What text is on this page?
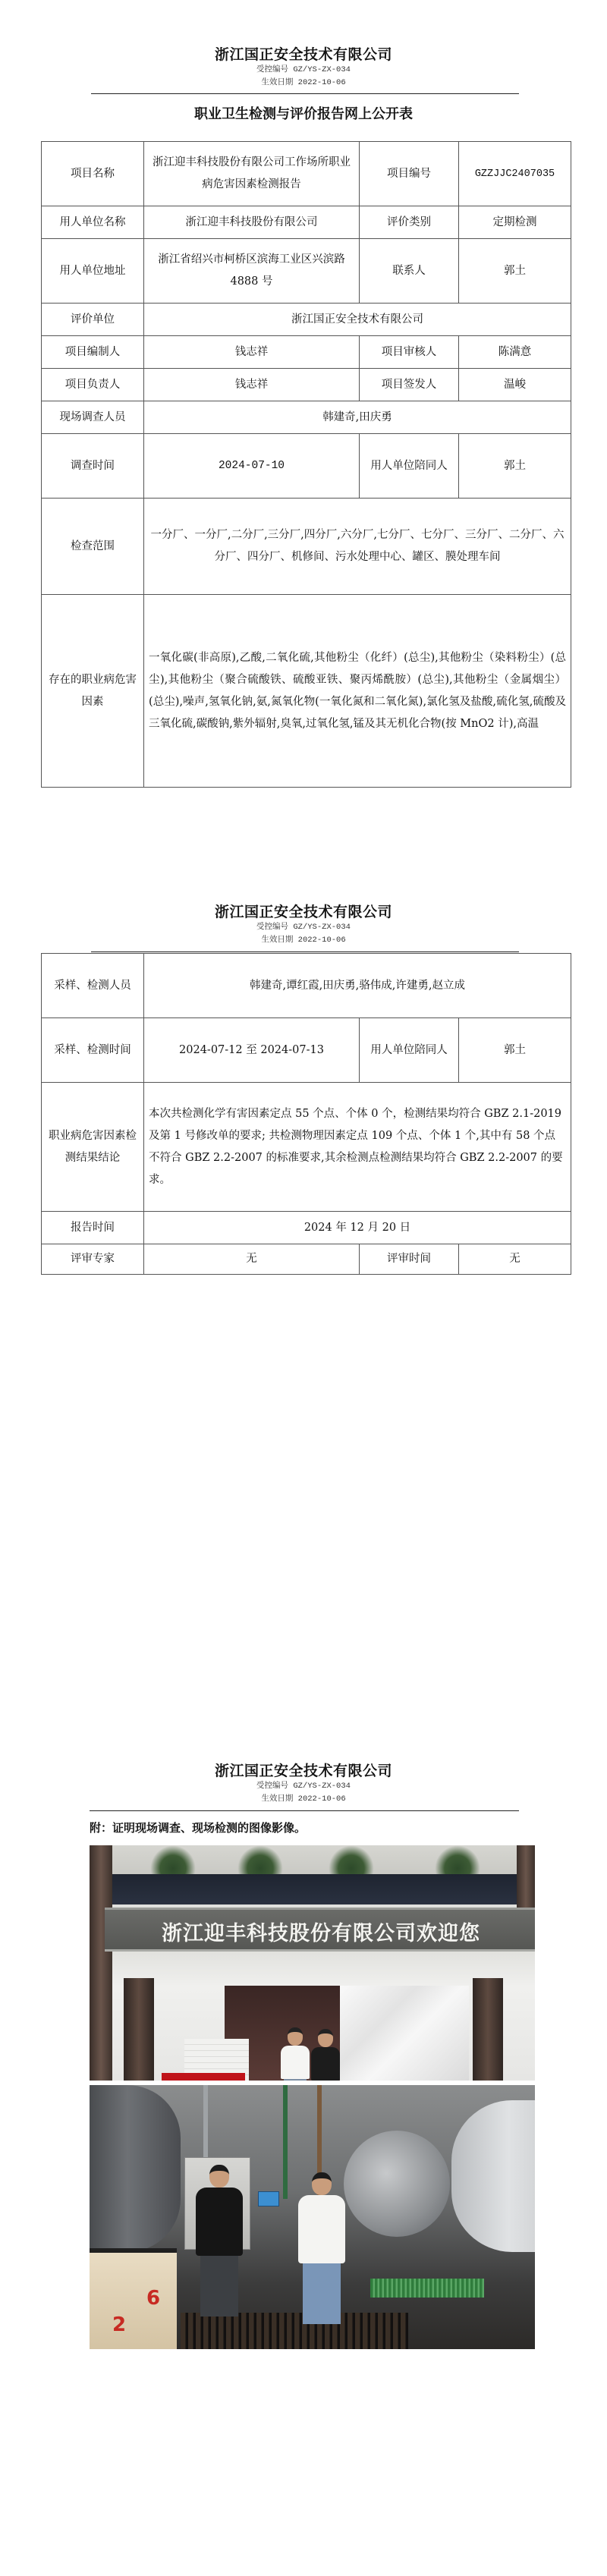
浙江国正安全技术有限公司
受控编号 GZ/YS-ZX-034
生效日期 2022-10-06
职业卫生检测与评价报告网上公开表
项目名称	浙江迎丰科技股份有限公司工作场所职业病危害因素检测报告	项目编号	GZZJJC2407035
用人单位名称	浙江迎丰科技股份有限公司	评价类别	定期检测
用人单位地址	浙江省绍兴市柯桥区滨海工业区兴滨路 4888 号	联系人	郭土
评价单位	浙江国正安全技术有限公司		
项目编制人	钱志祥	项目审核人	陈满意
项目负责人	钱志祥	项目签发人	温峻
现场调查人员	韩建奇,田庆勇		
调查时间	2024-07-10	用人单位陪同人	郭土
检查范围	一分厂、一分厂,二分厂,三分厂,四分厂,六分厂,七分厂、七分厂、三分厂、二分厂、六分厂、四分厂、机修间、污水处理中心、罐区、膜处理车间		
存在的职业病危害因素	一氧化碳(非高原),乙酸,二氧化硫,其他粉尘（化纤）(总尘),其他粉尘（染料粉尘）(总尘),其他粉尘（聚合硫酸铁、硫酸亚铁、聚丙烯酰胺）(总尘),其他粉尘（金属烟尘）(总尘),噪声,氢氧化钠,氨,氮氧化物(一氧化氮和二氧化氮),氯化氢及盐酸,硫化氢,硫酸及三氧化硫,碳酸钠,紫外辐射,臭氧,过氧化氢,锰及其无机化合物(按 MnO2 计),高温		
浙江国正安全技术有限公司
受控编号 GZ/YS-ZX-034
生效日期 2022-10-06
采样、检测人员	韩建奇,谭红霞,田庆勇,骆伟成,许建勇,赵立成		
采样、检测时间	2024-07-12 至 2024-07-13	用人单位陪同人	郭土
职业病危害因素检测结果结论	本次共检测化学有害因素定点 55 个点、个体 0 个，检测结果均符合 GBZ 2.1-2019 及第 1 号修改单的要求; 共检测物理因素定点 109 个点、个体 1 个,其中有 58 个点不符合 GBZ 2.2-2007 的标准要求,其余检测点检测结果均符合 GBZ 2.2-2007 的要求。		
报告时间	2024 年 12 月 20 日		
评审专家	无	评审时间	无
浙江国正安全技术有限公司
受控编号 GZ/YS-ZX-034
生效日期 2022-10-06
附：证明现场调查、现场检测的图像影像。
浙江迎丰科技股份有限公司欢迎您
2
6
